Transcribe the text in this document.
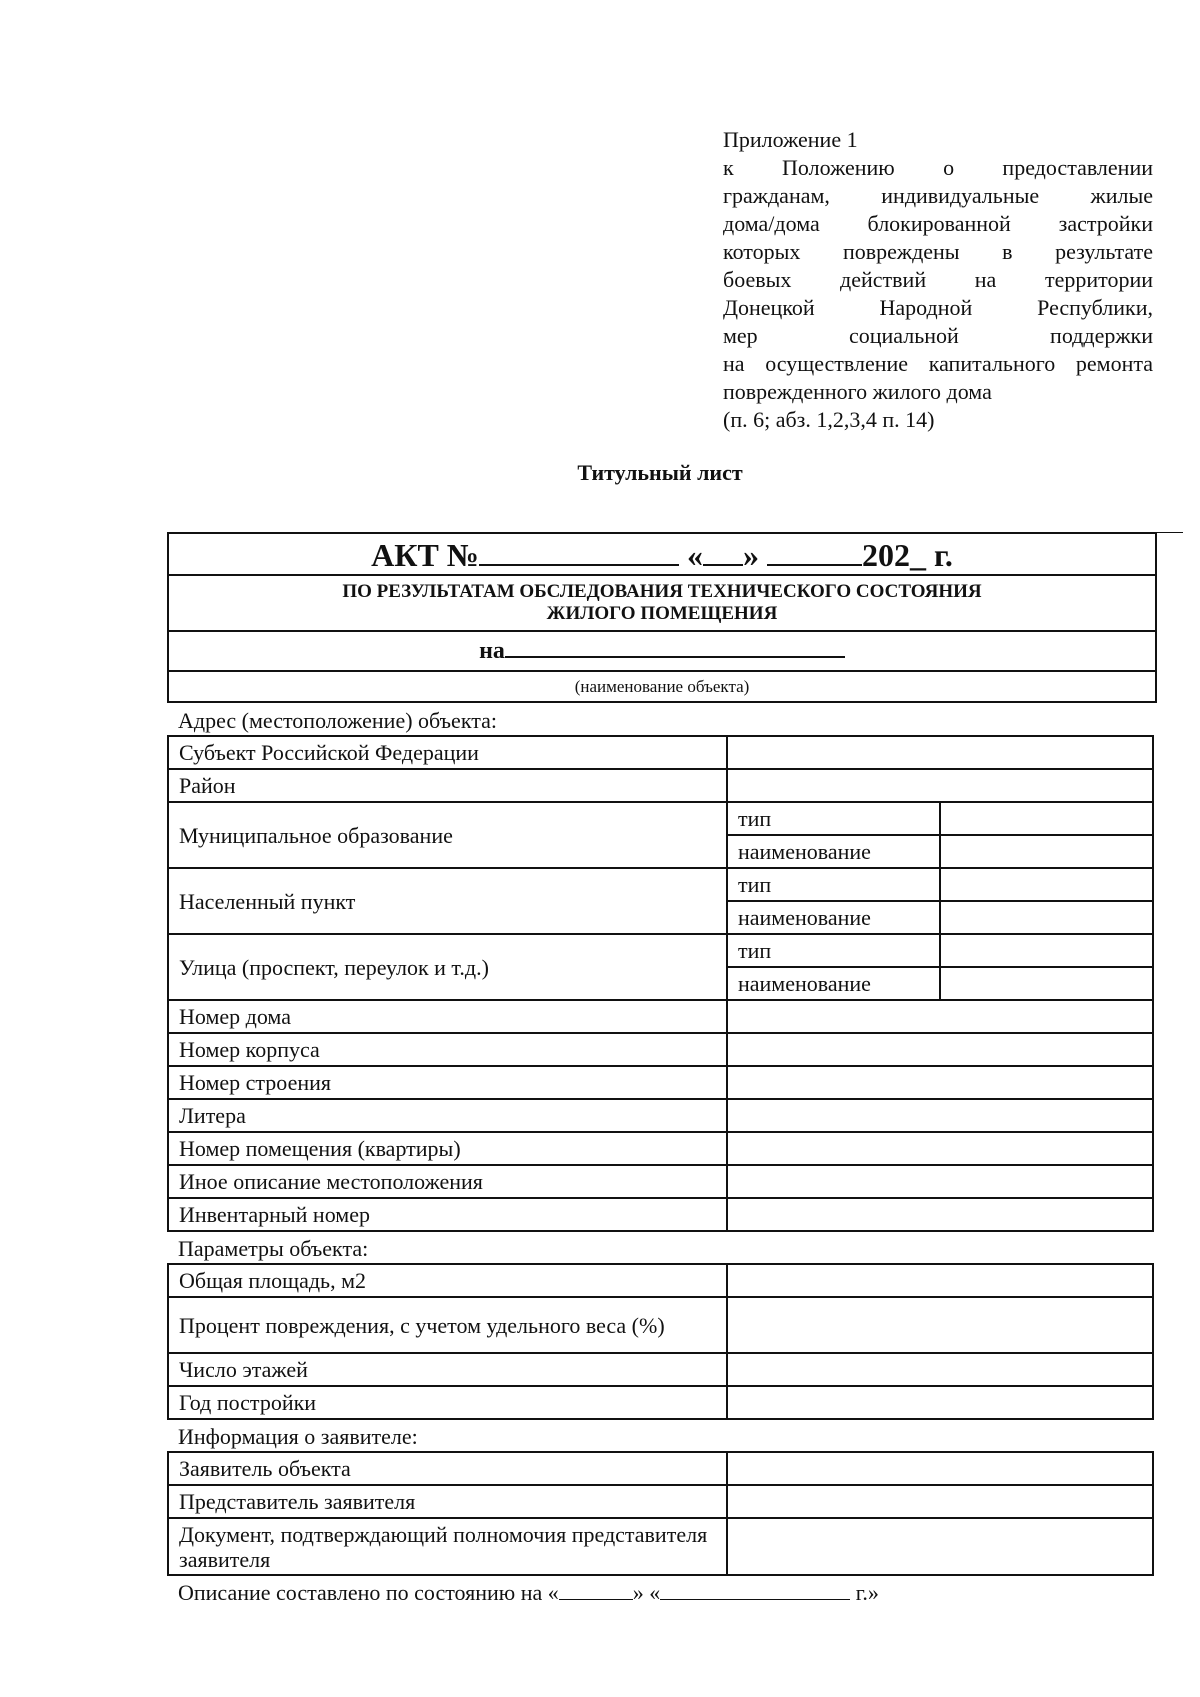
Приложение 1
к Положению о предоставлении
гражданам, индивидуальные жилые
дома/дома блокированной застройки
которых повреждены в результате
боевых действий на территории
Донецкой Народной Республики,
мер социальной поддержки
на осуществление капитального ремонта
поврежденного жилого дома
(п. 6; абз. 1,2,3,4 п. 14)
Титульный лист
АКТ №	« »	202_ г.
ПО РЕЗУЛЬТАТАМ ОБСЛЕДОВАНИЯ ТЕХНИЧЕСКОГО СОСТОЯНИЯ
ЖИЛОГО ПОМЕЩЕНИЯ
на
(наименование объекта)
Адрес (местоположение) объекта:
Субъект Российской Федерации		
Район		
Муниципальное образование	тип	
	наименование	
Населенный пункт	тип	
	наименование	
Улица (проспект, переулок и т.д.)	тип	
	наименование	
Номер дома		
Номер корпуса		
Номер строения		
Литера		
Номер помещения (квартиры)		
Иное описание местоположения		
Инвентарный номер		
Параметры объекта:
Общая площадь, м2	
Процент повреждения, с учетом удельного веса (%)	
Число этажей	
Год постройки	
Информация о заявителе:
Заявитель объекта	
Представитель заявителя	
Документ, подтверждающий полномочия представителя заявителя	
Описание составлено по состоянию на «	» «	г.»
